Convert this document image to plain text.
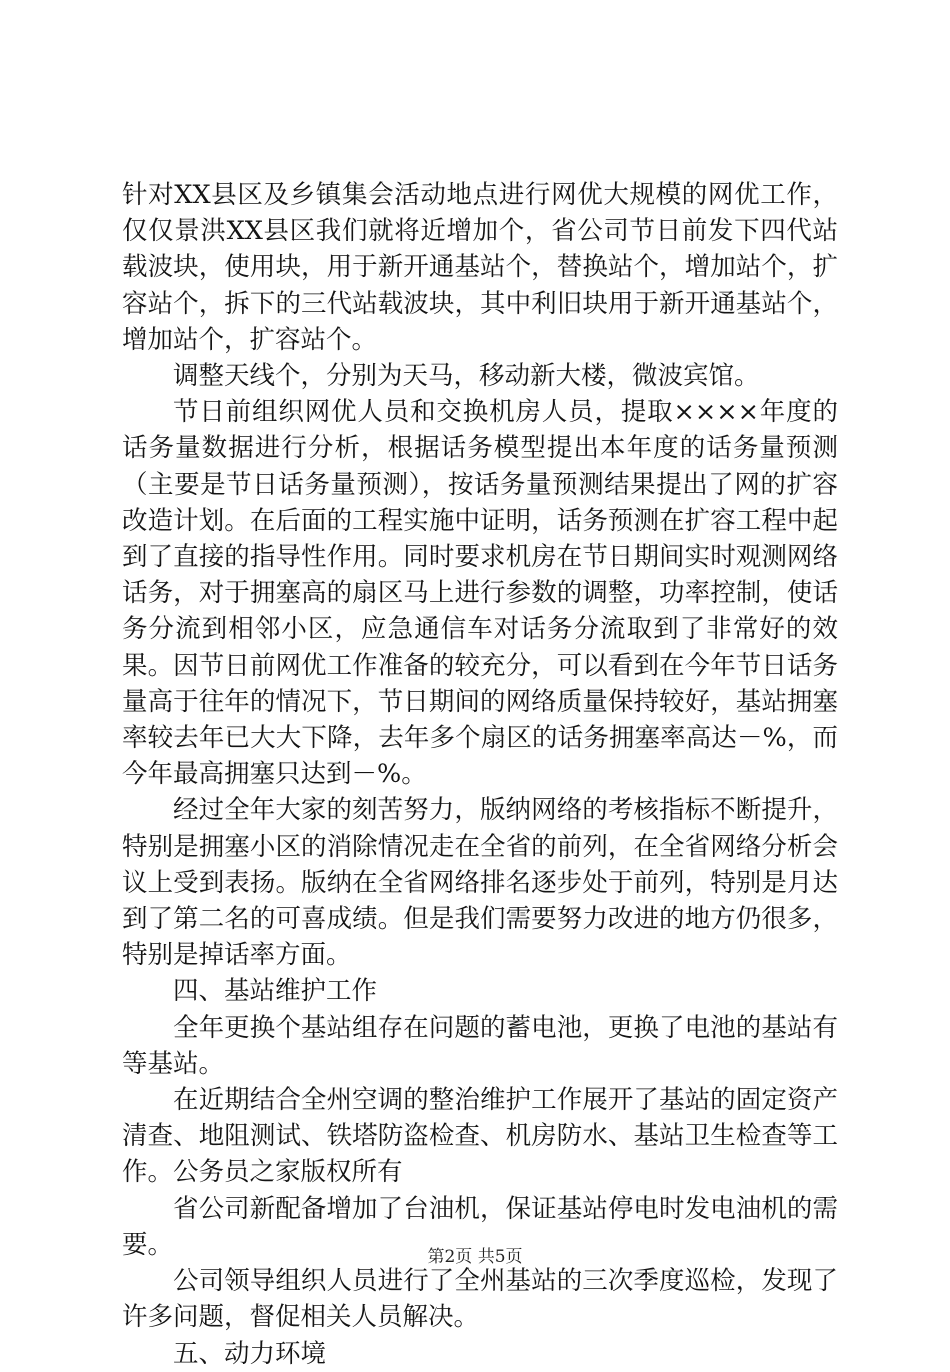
针对XX县区及乡镇集会活动地点进行网优大规模的网优工作，仅仅景洪XX县区我们就将近增加个，省公司节日前发下四代站载波块，使用块，用于新开通基站个，替换站个，增加站个，扩容站个，拆下的三代站载波块，其中利旧块用于新开通基站个，增加站个，扩容站个。

调整天线个，分别为天马，移动新大楼，微波宾馆。

节日前组织网优人员和交换机房人员，提取××××年度的话务量数据进行分析，根据话务模型提出本年度的话务量预测（主要是节日话务量预测），按话务量预测结果提出了网的扩容改造计划。在后面的工程实施中证明，话务预测在扩容工程中起到了直接的指导性作用。同时要求机房在节日期间实时观测网络话务，对于拥塞高的扇区马上进行参数的调整，功率控制，使话务分流到相邻小区，应急通信车对话务分流取到了非常好的效果。因节日前网优工作准备的较充分，可以看到在今年节日话务量高于往年的情况下，节日期间的网络质量保持较好，基站拥塞率较去年已大大下降，去年多个扇区的话务拥塞率高达－%，而今年最高拥塞只达到－%。

经过全年大家的刻苦努力，版纳网络的考核指标不断提升，特别是拥塞小区的消除情况走在全省的前列，在全省网络分析会议上受到表扬。版纳在全省网络排名逐步处于前列，特别是月达到了第二名的可喜成绩。但是我们需要努力改进的地方仍很多，特别是掉话率方面。

四、基站维护工作

全年更换个基站组存在问题的蓄电池，更换了电池的基站有等基站。

在近期结合全州空调的整治维护工作展开了基站的固定资产清查、地阻测试、铁塔防盗检查、机房防水、基站卫生检查等工作。公务员之家版权所有

省公司新配备增加了台油机，保证基站停电时发电油机的需要。

公司领导组织人员进行了全州基站的三次季度巡检，发现了许多问题，督促相关人员解决。

五、动力环境

第2页 共5页
